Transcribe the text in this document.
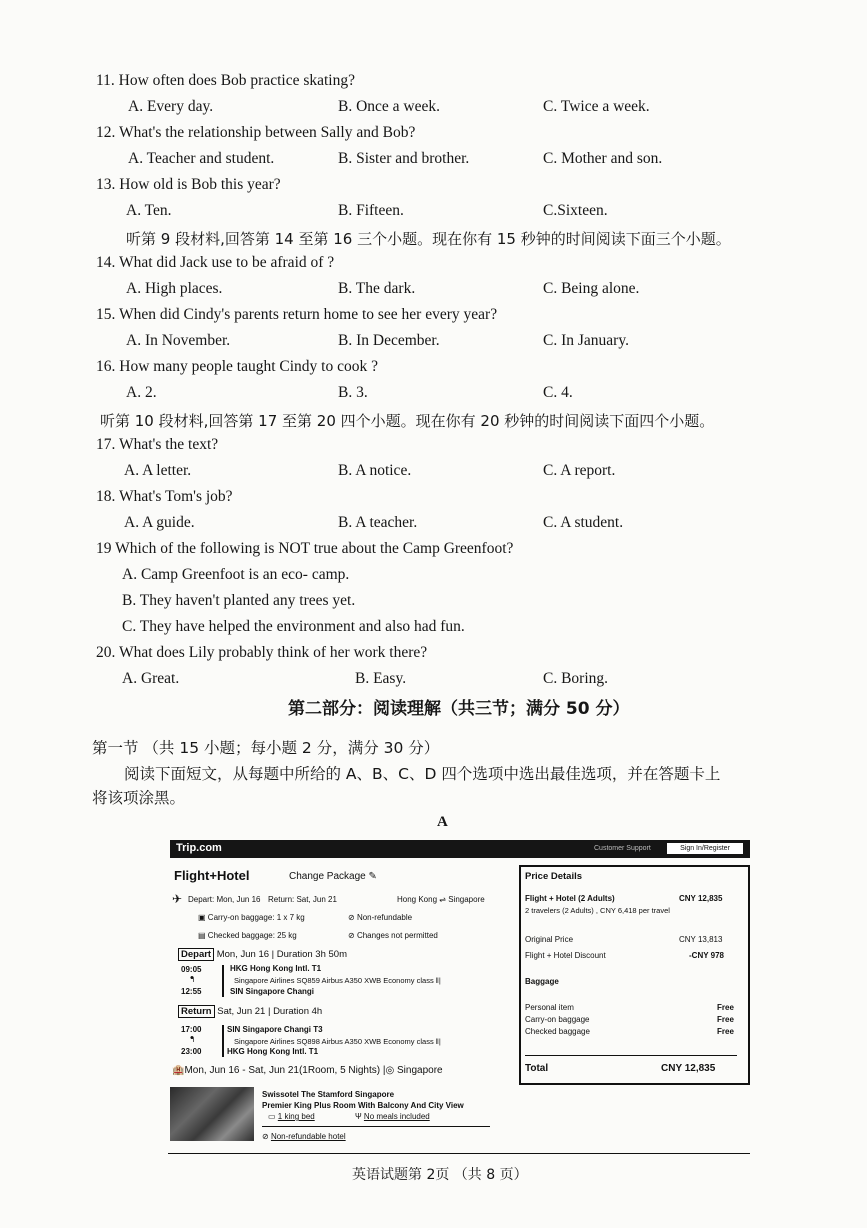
11. How often does Bob practice skating?
A. Every day.	B. Once a week.	C. Twice a week.
12. What's the relationship between Sally and Bob?
A. Teacher and student.	B. Sister and brother.	C. Mother and son.
13. How old is Bob this year?
A. Ten.	B. Fifteen.	C.Sixteen.
听第 9 段材料,回答第 14 至第 16 三个小题。现在你有 15 秒钟的时间阅读下面三个小题。
14. What did Jack use to be afraid of ?
A. High places.	B. The dark.	C. Being alone.
15. When did Cindy's parents return home to see her every year?
A. In November.	B. In December.	C. In January.
16. How many people taught Cindy to cook ?
A. 2.	B. 3.	C. 4.
听第 10 段材料,回答第 17 至第 20 四个小题。现在你有 20 秒钟的时间阅读下面四个小题。
17. What's the text?
A. A letter.	B. A notice.	C. A report.
18. What's Tom's job?
A. A guide.	B. A teacher.	C. A student.
19 Which of the following is NOT true about the Camp Greenfoot?
A. Camp Greenfoot is an eco- camp.
B. They haven't planted any trees yet.
C. They have helped the environment and also had fun.
20. What does Lily probably think of her work there?
A. Great.	B. Easy.	C. Boring.
第二部分：阅读理解（共三节；满分 50 分）
第一节 （共 15 小题；每小题 2 分，满分 30 分）
阅读下面短文，从每题中所给的 A、B、C、D 四个选项中选出最佳选项，并在答题卡上
将该项涂黑。
A
Trip.com	Customer Support	Sign In/Register
Flight+Hotel	Change Package ✎
✈ Depart: Mon, Jun 16 Return: Sat, Jun 21	Hong Kong ⇌ Singapore
▣ Carry-on baggage: 1 x 7 kg	⊘ Non-refundable
▤ Checked baggage: 25 kg	⊘ Changes not permitted
Depart Mon, Jun 16 | Duration 3h 50m
09:05
ᖳ
12:55
HKG Hong Kong Intl. T1
Singapore Airlines SQ859 Airbus A350 XWB Economy class ‖|
SIN Singapore Changi
Return Sat, Jun 21 | Duration 4h
17:00
ᖳ
23:00
SIN Singapore Changi T3
Singapore Airlines SQ898 Airbus A350 XWB Economy class ‖|
HKG Hong Kong Intl. T1
🏨Mon, Jun 16 - Sat, Jun 21(1Room, 5 Nights) |◎ Singapore
Swissotel The Stamford Singapore
Premier King Plus Room With Balcony And City View
▭ 1 king bed	Ψ No meals included
⊘ Non-refundable hotel
Price Details
Flight + Hotel (2 Adults)	CNY 12,835
2 travelers (2 Adults) , CNY 6,418 per travel
Original Price	CNY 13,813
Flight + Hotel Discount	-CNY 978
Baggage
Personal item	Free
Carry-on baggage	Free
Checked baggage	Free
Total	CNY 12,835
英语试题第 2页 （共 8 页）
